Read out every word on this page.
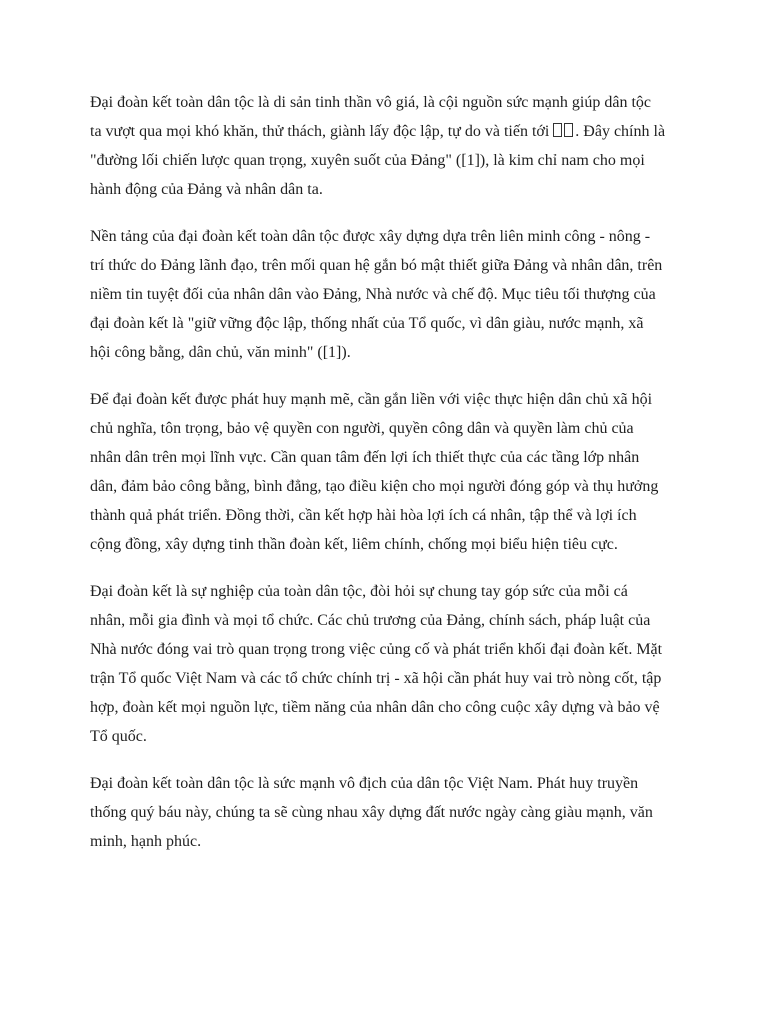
Đại đoàn kết toàn dân tộc là di sản tinh thần vô giá, là cội nguồn sức mạnh giúp dân tộc
ta vượt qua mọi khó khăn, thử thách, giành lấy độc lập, tự do và tiến tới . Đây chính là
"đường lối chiến lược quan trọng, xuyên suốt của Đảng" ([1]), là kim chỉ nam cho mọi
hành động của Đảng và nhân dân ta.

Nền tảng của đại đoàn kết toàn dân tộc được xây dựng dựa trên liên minh công - nông -
trí thức do Đảng lãnh đạo, trên mối quan hệ gắn bó mật thiết giữa Đảng và nhân dân, trên
niềm tin tuyệt đối của nhân dân vào Đảng, Nhà nước và chế độ. Mục tiêu tối thượng của
đại đoàn kết là "giữ vững độc lập, thống nhất của Tổ quốc, vì dân giàu, nước mạnh, xã
hội công bằng, dân chủ, văn minh" ([1]).

Để đại đoàn kết được phát huy mạnh mẽ, cần gắn liền với việc thực hiện dân chủ xã hội
chủ nghĩa, tôn trọng, bảo vệ quyền con người, quyền công dân và quyền làm chủ của
nhân dân trên mọi lĩnh vực. Cần quan tâm đến lợi ích thiết thực của các tầng lớp nhân
dân, đảm bảo công bằng, bình đẳng, tạo điều kiện cho mọi người đóng góp và thụ hưởng
thành quả phát triển. Đồng thời, cần kết hợp hài hòa lợi ích cá nhân, tập thể và lợi ích
cộng đồng, xây dựng tinh thần đoàn kết, liêm chính, chống mọi biểu hiện tiêu cực.

Đại đoàn kết là sự nghiệp của toàn dân tộc, đòi hỏi sự chung tay góp sức của mỗi cá
nhân, mỗi gia đình và mọi tổ chức. Các chủ trương của Đảng, chính sách, pháp luật của
Nhà nước đóng vai trò quan trọng trong việc củng cố và phát triển khối đại đoàn kết. Mặt
trận Tổ quốc Việt Nam và các tổ chức chính trị - xã hội cần phát huy vai trò nòng cốt, tập
hợp, đoàn kết mọi nguồn lực, tiềm năng của nhân dân cho công cuộc xây dựng và bảo vệ
Tổ quốc.

Đại đoàn kết toàn dân tộc là sức mạnh vô địch của dân tộc Việt Nam. Phát huy truyền
thống quý báu này, chúng ta sẽ cùng nhau xây dựng đất nước ngày càng giàu mạnh, văn
minh, hạnh phúc.
